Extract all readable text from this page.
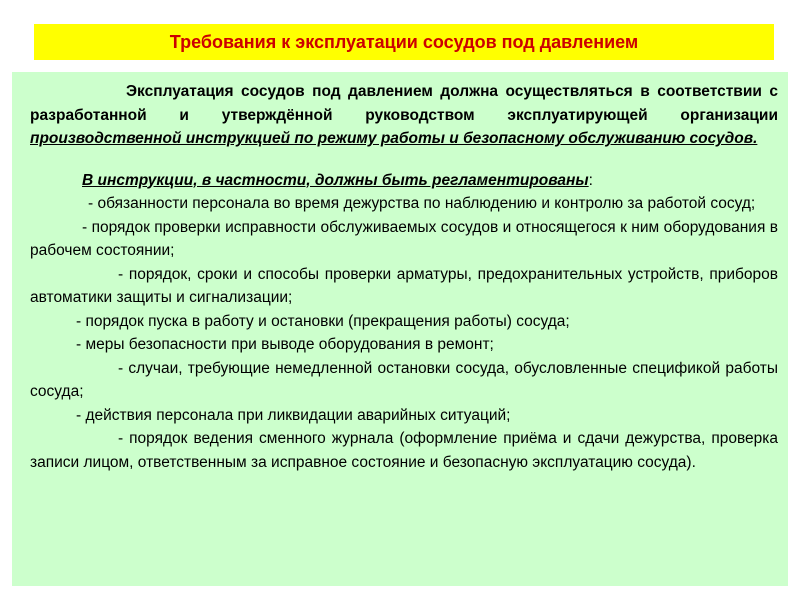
Требования к эксплуатации сосудов под давлением

Эксплуатация сосудов под давлением должна осуществляться в соответствии с разработанной и утверждённой руководством эксплуатирующей организации производственной инструкцией по режиму работы и безопасному обслуживанию сосудов.

В инструкции, в частности, должны быть регламентированы:

- обязанности персонала во время дежурства по наблюдению и контролю за работой сосуд;

- порядок проверки исправности обслуживаемых сосудов и относящегося к ним оборудования в рабочем состоянии;

- порядок, сроки и способы проверки арматуры, предохранительных устройств, приборов автоматики защиты и сигнализации;

- порядок пуска в работу и остановки (прекращения работы) сосуда;

- меры безопасности при выводе оборудования в ремонт;

- случаи, требующие немедленной остановки сосуда, обусловленные спецификой работы сосуда;

- действия персонала при ликвидации аварийных ситуаций;

- порядок ведения сменного журнала (оформление приёма и сдачи дежурства, проверка записи лицом, ответственным за исправное состояние и безопасную эксплуатацию сосуда).
